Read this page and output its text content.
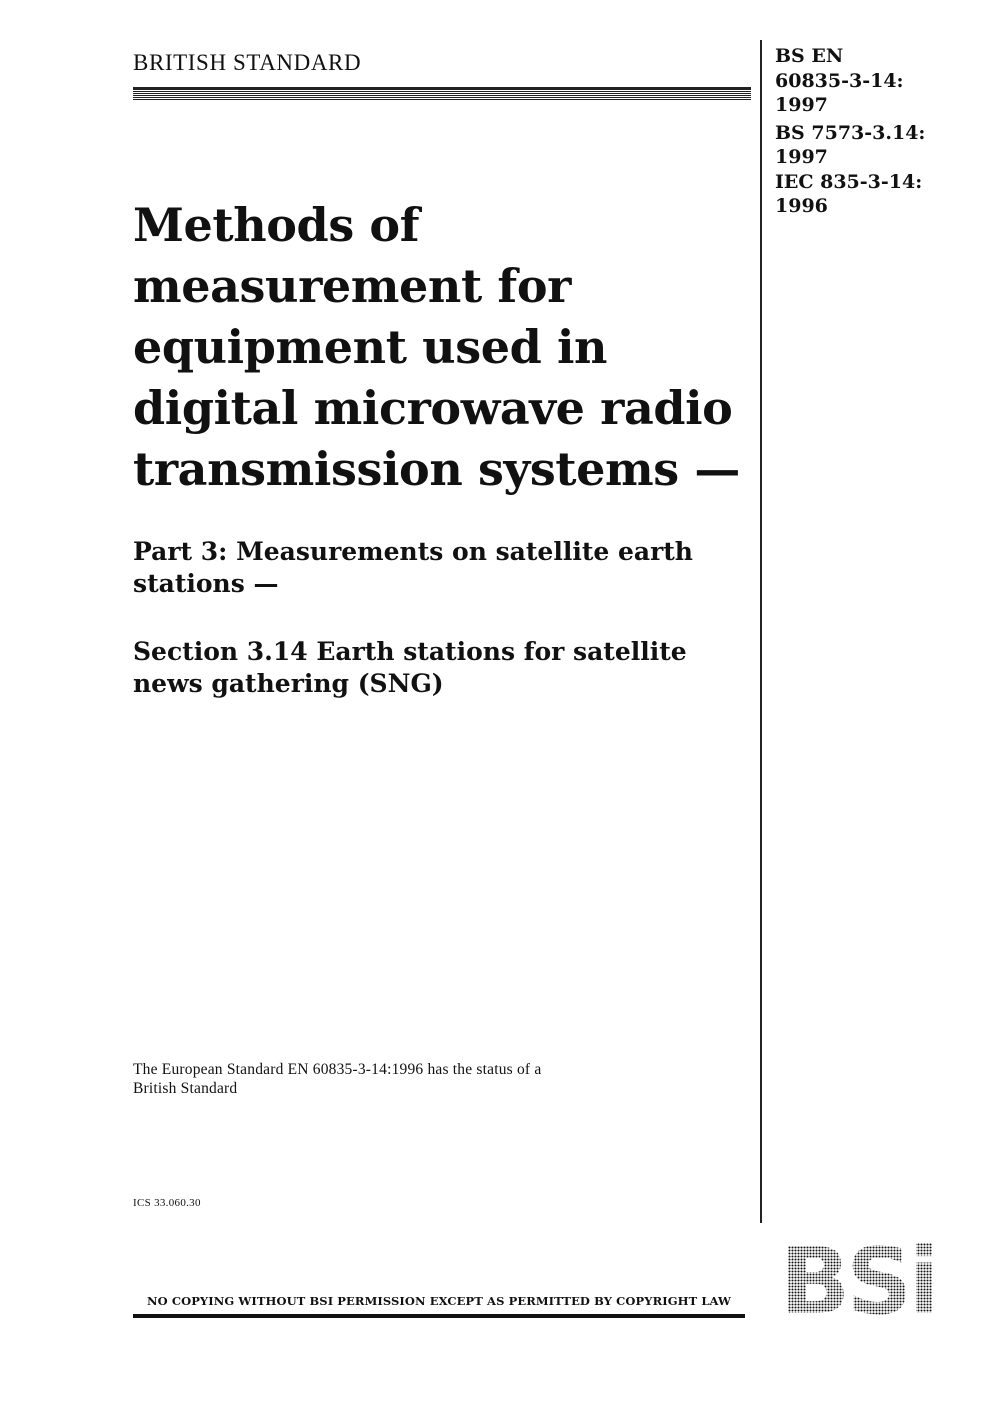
BRITISH STANDARD	BS EN
60835-3-14:
1997
BS 7573-3.14:
1997
IEC 835-3-14:
1996
Methods of
measurement for
equipment used in
digital microwave radio
transmission systems —
Part 3: Measurements on satellite earth
stations —
Section 3.14 Earth stations for satellite
news gathering (SNG)
The European Standard EN 60835-3-14:1996 has the status of a
British Standard
ICS 33.060.30
NO COPYING WITHOUT BSI PERMISSION EXCEPT AS PERMITTED BY COPYRIGHT LAW BSi
